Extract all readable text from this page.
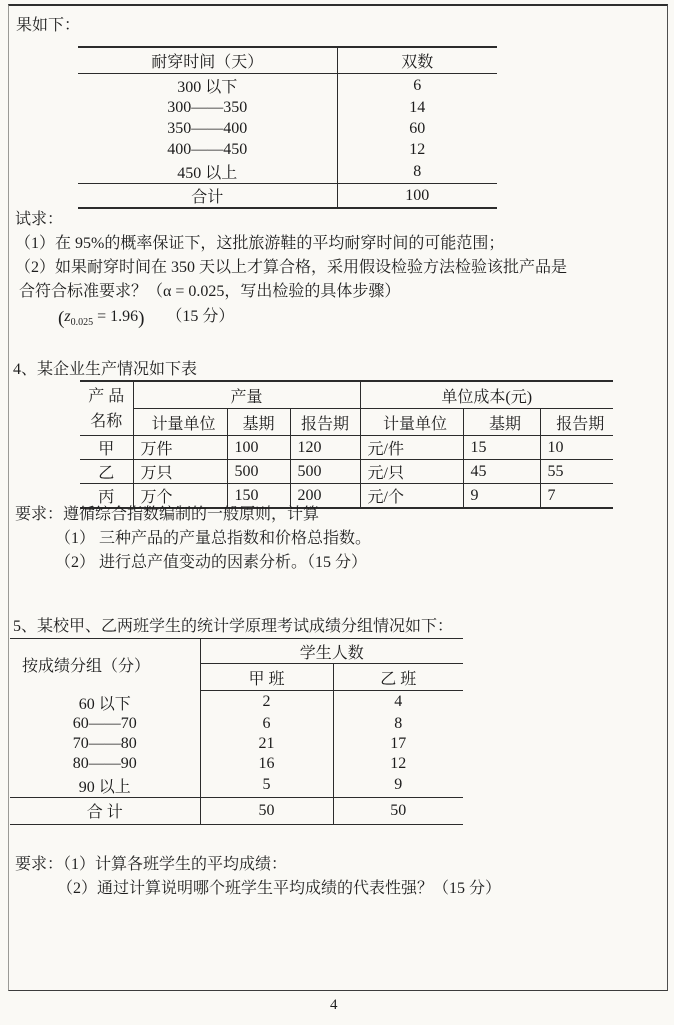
果如下：
耐穿时间（天）	双数
300 以下	6
300——350	14
350——400	60
400——450	12
450 以上	8
合计	100
试求：
（1）在 95%的概率保证下，这批旅游鞋的平均耐穿时间的可能范围；
（2）如果耐穿时间在 350 天以上才算合格，采用假设检验方法检验该批产品是
合符合标准要求？（α = 0.025，写出检验的具体步骤）
$(z_{0.025} = 1.96)$ （15 分）
4、某企业生产情况如下表
产 品
名称	产量			单位成本(元)		
	计量单位	基期	报告期	计量单位	基期	报告期
甲	万件	100	120	元/件	15	10
乙	万只	500	500	元/只	45	55
丙	万个	150	200	元/个	9	7
要求：遵循综合指数编制的一般原则，计算
（1） 三种产品的产量总指数和价格总指数。
（2） 进行总产值变动的因素分析。（15 分）
5、某校甲、乙两班学生的统计学原理考试成绩分组情况如下：
按成绩分组（分）	学生人数	
	甲 班	乙 班
60 以下	2	4
60——70	6	8
70——80	21	17
80——90	16	12
90 以上	5	9
合 计	50	50
要求：（1）计算各班学生的平均成绩：
（2）通过计算说明哪个班学生平均成绩的代表性强？（15 分）
4
